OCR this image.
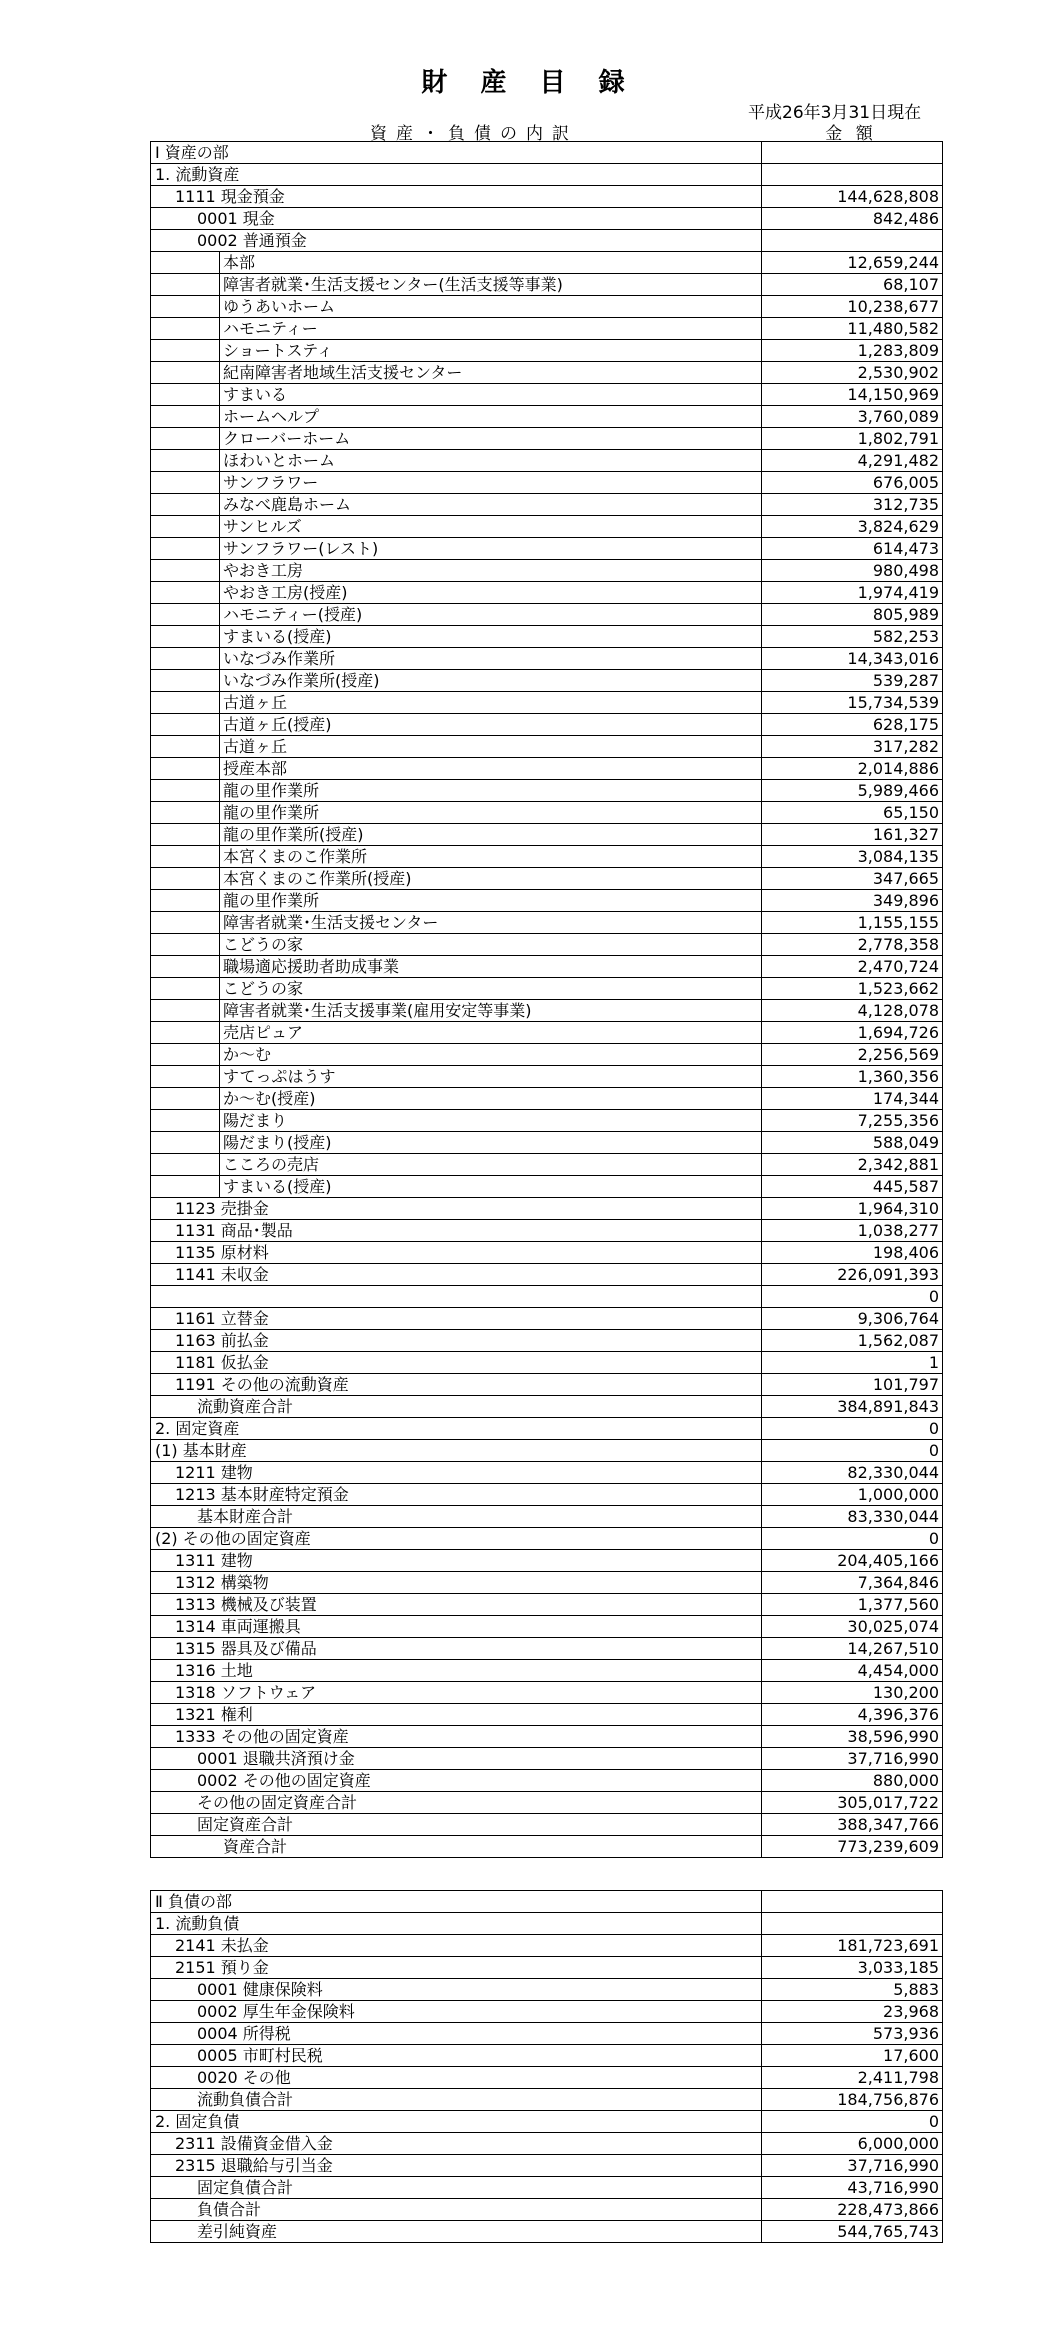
財 産 目 録
平成26年3月31日現在
資産・負債の内訳	金 額
Ⅰ 資産の部	
1. 流動資産	
1111 現金預金	144,628,808
0001 現金	842,486
0002 普通預金	
本部	12,659,244
障害者就業･生活支援センター(生活支援等事業)	68,107
ゆうあいホーム	10,238,677
ハモニティー	11,480,582
ショートスティ	1,283,809
紀南障害者地域生活支援センター	2,530,902
すまいる	14,150,969
ホームヘルプ	3,760,089
クローバーホーム	1,802,791
ほわいとホーム	4,291,482
サンフラワー	676,005
みなべ鹿島ホーム	312,735
サンヒルズ	3,824,629
サンフラワー(レスト)	614,473
やおき工房	980,498
やおき工房(授産)	1,974,419
ハモニティー(授産)	805,989
すまいる(授産)	582,253
いなづみ作業所	14,343,016
いなづみ作業所(授産)	539,287
古道ヶ丘	15,734,539
古道ヶ丘(授産)	628,175
古道ヶ丘	317,282
授産本部	2,014,886
龍の里作業所	5,989,466
龍の里作業所	65,150
龍の里作業所(授産)	161,327
本宮くまのこ作業所	3,084,135
本宮くまのこ作業所(授産)	347,665
龍の里作業所	349,896
障害者就業･生活支援センター	1,155,155
こどうの家	2,778,358
職場適応援助者助成事業	2,470,724
こどうの家	1,523,662
障害者就業･生活支援事業(雇用安定等事業)	4,128,078
売店ピュア	1,694,726
か～む	2,256,569
すてっぷはうす	1,360,356
か～む(授産)	174,344
陽だまり	7,255,356
陽だまり(授産)	588,049
こころの売店	2,342,881
すまいる(授産)	445,587
1123 売掛金	1,964,310
1131 商品･製品	1,038,277
1135 原材料	198,406
1141 未収金	226,091,393
	0
1161 立替金	9,306,764
1163 前払金	1,562,087
1181 仮払金	1
1191 その他の流動資産	101,797
流動資産合計	384,891,843
2. 固定資産	0
(1) 基本財産	0
1211 建物	82,330,044
1213 基本財産特定預金	1,000,000
基本財産合計	83,330,044
(2) その他の固定資産	0
1311 建物	204,405,166
1312 構築物	7,364,846
1313 機械及び装置	1,377,560
1314 車両運搬具	30,025,074
1315 器具及び備品	14,267,510
1316 土地	4,454,000
1318 ソフトウェア	130,200
1321 権利	4,396,376
1333 その他の固定資産	38,596,990
0001 退職共済預け金	37,716,990
0002 その他の固定資産	880,000
その他の固定資産合計	305,017,722
固定資産合計	388,347,766
資産合計	773,239,609
Ⅱ 負債の部	
1. 流動負債	
2141 未払金	181,723,691
2151 預り金	3,033,185
0001 健康保険料	5,883
0002 厚生年金保険料	23,968
0004 所得税	573,936
0005 市町村民税	17,600
0020 その他	2,411,798
流動負債合計	184,756,876
2. 固定負債	0
2311 設備資金借入金	6,000,000
2315 退職給与引当金	37,716,990
固定負債合計	43,716,990
負債合計	228,473,866
差引純資産	544,765,743
